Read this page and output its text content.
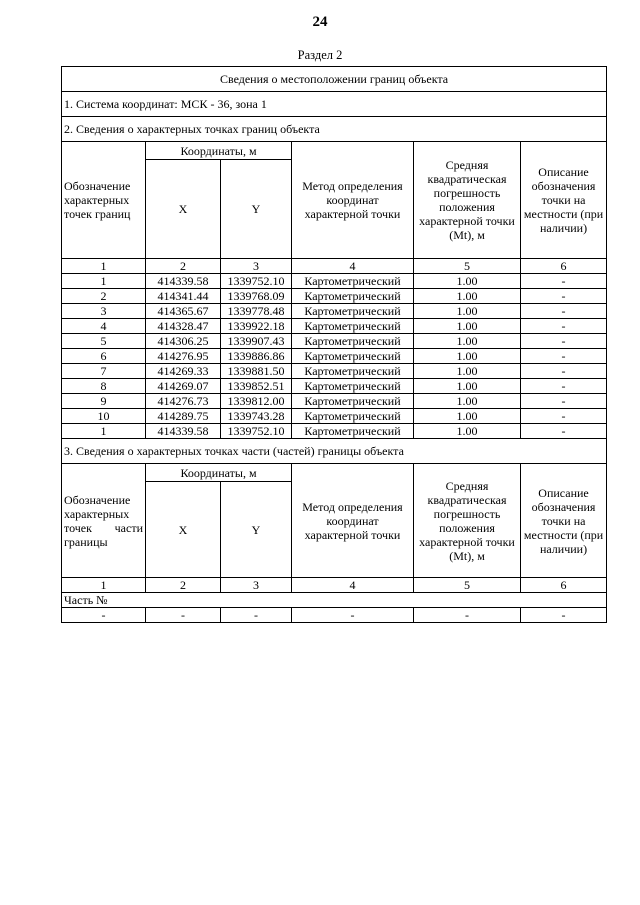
24
Раздел 2
Сведения о местоположении границ объекта					
1. Система координат: МСК - 36, зона 1					
2. Сведения о характерных точках границ объекта					
Обозначение характерных точек границ	Координаты, м		Метод определения координат характерной точки	Средняя квадратическая погрешность положения характерной точки (Mt), м	Описание обозначения точки на местности (при наличии)
	X	Y			
1	2	3	4	5	6
1	414339.58	1339752.10	Картометрический	1.00	-
2	414341.44	1339768.09	Картометрический	1.00	-
3	414365.67	1339778.48	Картометрический	1.00	-
4	414328.47	1339922.18	Картометрический	1.00	-
5	414306.25	1339907.43	Картометрический	1.00	-
6	414276.95	1339886.86	Картометрический	1.00	-
7	414269.33	1339881.50	Картометрический	1.00	-
8	414269.07	1339852.51	Картометрический	1.00	-
9	414276.73	1339812.00	Картометрический	1.00	-
10	414289.75	1339743.28	Картометрический	1.00	-
1	414339.58	1339752.10	Картометрический	1.00	-
3. Сведения о характерных точках части (частей) границы объекта					
Обозначение характерных точек части границы	Координаты, м		Метод определения координат характерной точки	Средняя квадратическая погрешность положения характерной точки (Mt), м	Описание обозначения точки на местности (при наличии)
	X	Y			
1	2	3	4	5	6
Часть №					
-	-	-	-	-	-
